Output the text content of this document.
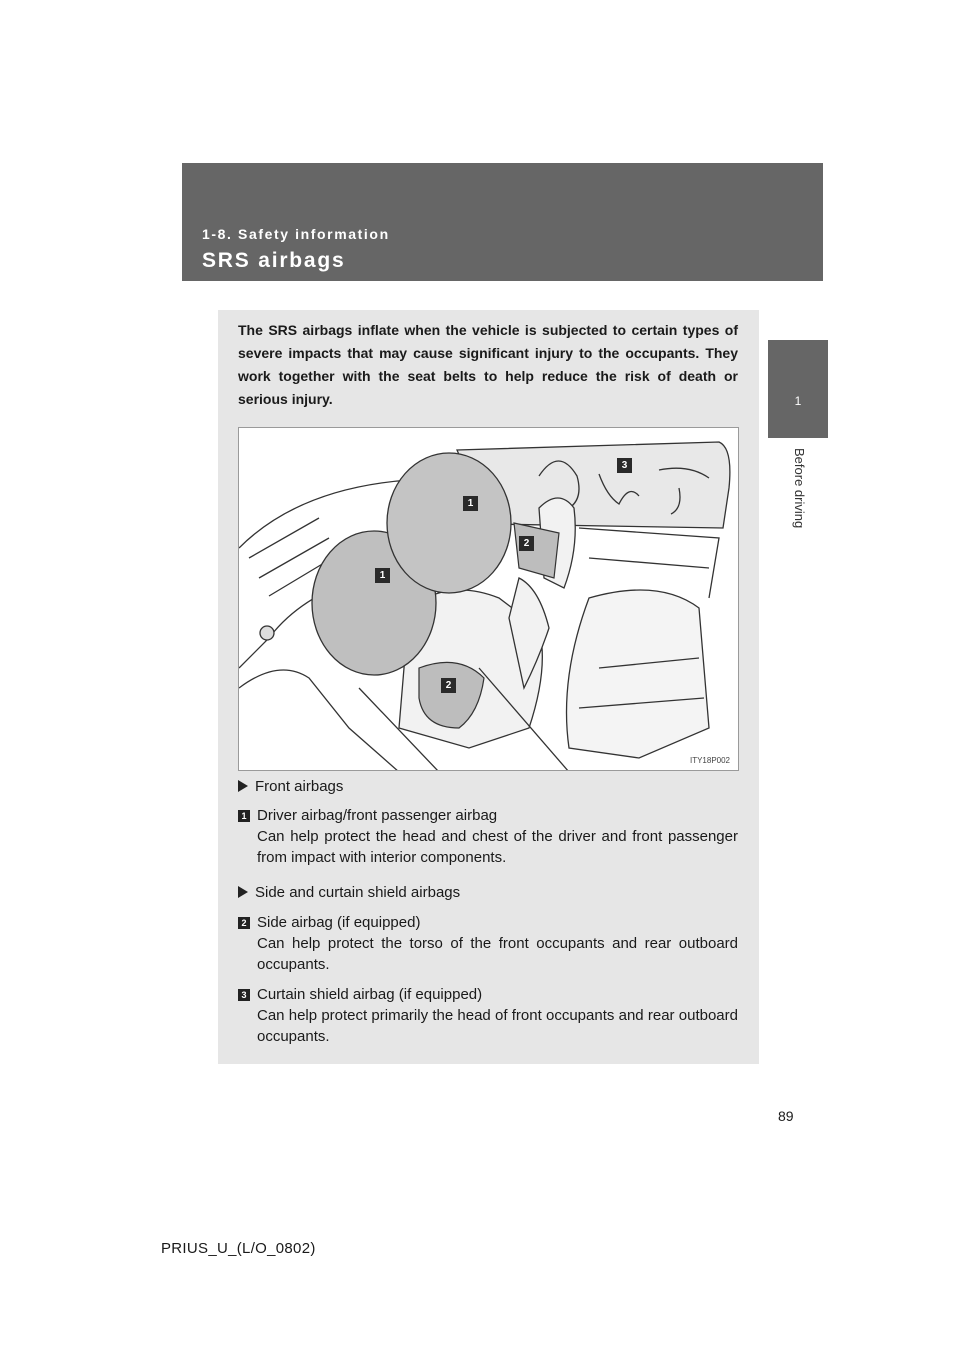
1-8. Safety information
SRS airbags
1
Before driving
The SRS airbags inflate when the vehicle is subjected to certain types of severe impacts that may cause significant injury to the occupants. They work together with the seat belts to help reduce the risk of death or serious injury.
1
1
2
2
3
ITY18P002
Front airbags
1 Driver airbag/front passenger airbag
Can help protect the head and chest of the driver and front passenger from impact with interior components.
Side and curtain shield airbags
2 Side airbag (if equipped)
Can help protect the torso of the front occupants and rear outboard occupants.
3 Curtain shield airbag (if equipped)
Can help protect primarily the head of front occupants and rear outboard occupants.
89
PRIUS_U_(L/O_0802)
